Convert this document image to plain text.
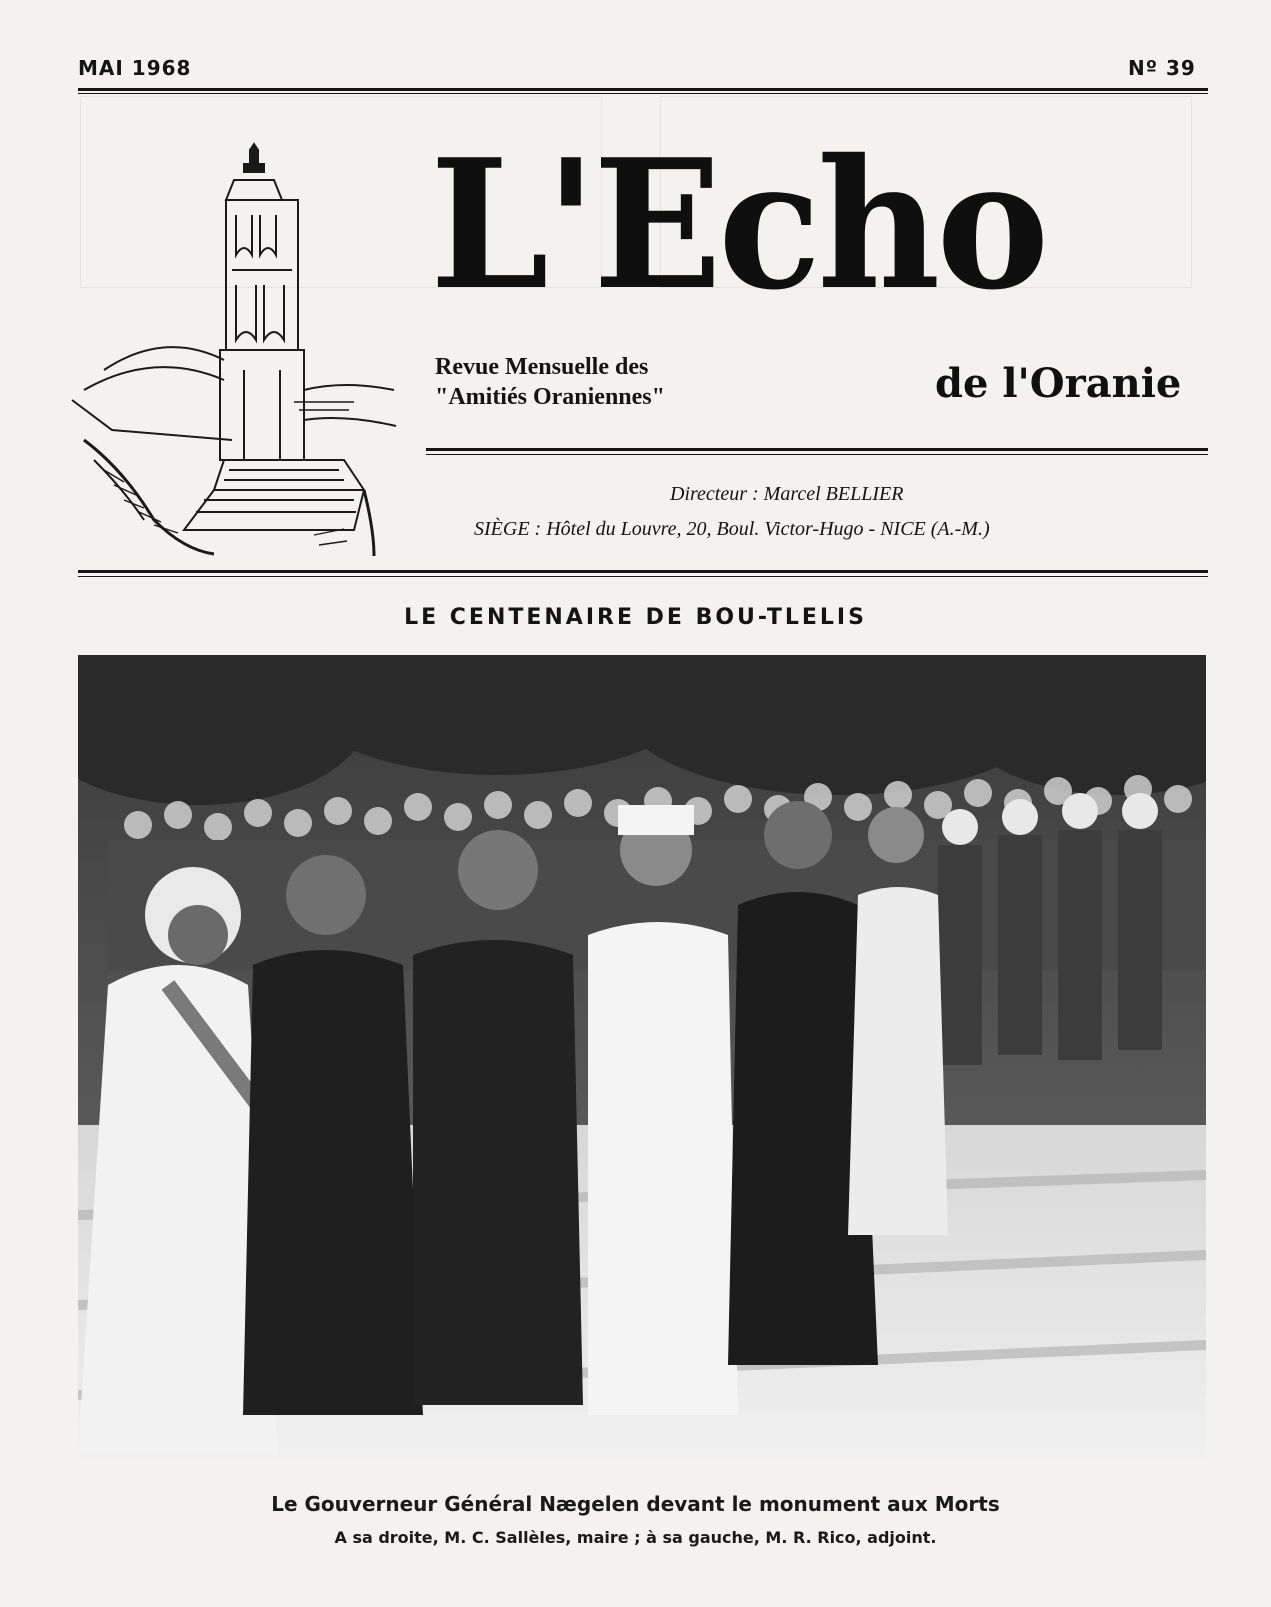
MAI 1968	Nº 39
L'Echo
Revue Mensuelle des
"Amitiés Oraniennes"	de l'Oranie
Directeur : Marcel BELLIER
SIÈGE : Hôtel du Louvre, 20, Boul. Victor-Hugo - NICE (A.-M.)
LE CENTENAIRE DE BOU-TLELIS
Le Gouverneur Général Nægelen devant le monument aux Morts
A sa droite, M. C. Sallèles, maire ; à sa gauche, M. R. Rico, adjoint.
